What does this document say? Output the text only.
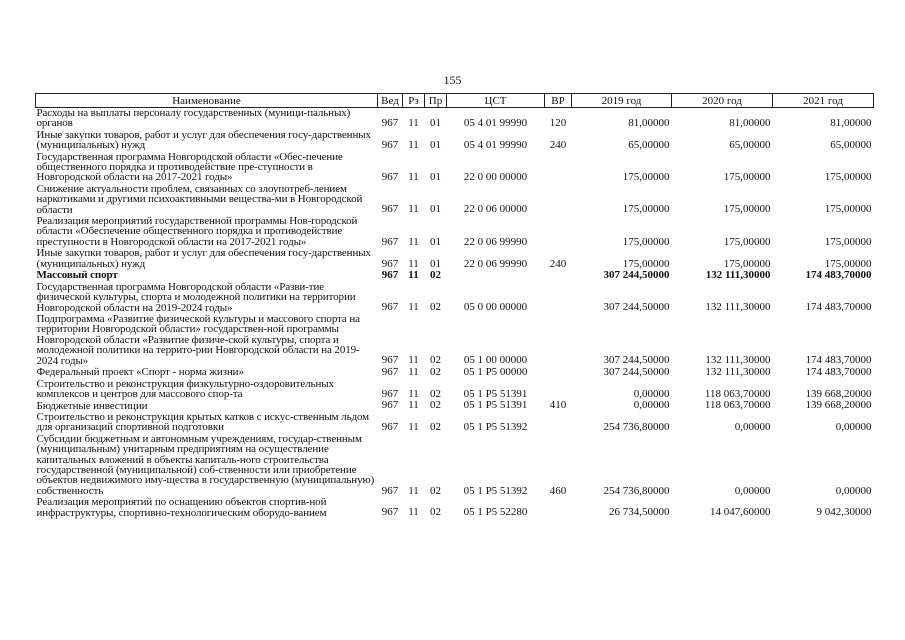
155
Наименование	Вед	Рз	Пр	ЦСТ	ВР	2019 год	2020 год	2021 год
Расходы на выплаты персоналу государственных (муници-пальных) органов	967	11	01	05 4 01 99990	120	81,00000	81,00000	81,00000
Иные закупки товаров, работ и услуг для обеспечения госу-дарственных (муниципальных) нужд	967	11	01	05 4 01 99990	240	65,00000	65,00000	65,00000
Государственная программа Новгородской области «Обес-печение общественного порядка и противодействие пре-ступности в Новгородской области на 2017-2021 годы»	967	11	01	22 0 00 00000		175,00000	175,00000	175,00000
Снижение актуальности проблем, связанных со злоупотреб-лением наркотиками и другими психоактивными вещества-ми в Новгородской области	967	11	01	22 0 06 00000		175,00000	175,00000	175,00000
Реализация мероприятий государственной программы Нов-городской области «Обеспечение общественного порядка и противодействие преступности в Новгородской области на 2017-2021 годы»	967	11	01	22 0 06 99990		175,00000	175,00000	175,00000
Иные закупки товаров, работ и услуг для обеспечения госу-дарственных (муниципальных) нужд	967	11	01	22 0 06 99990	240	175,00000	175,00000	175,00000
Массовый спорт	967	11	02			307 244,50000	132 111,30000	174 483,70000
Государственная программа Новгородской области «Разви-тие физической культуры, спорта и молодежной политики на территории Новгородской области на 2019-2024 годы»	967	11	02	05 0 00 00000		307 244,50000	132 111,30000	174 483,70000
Подпрограмма «Развитие физической культуры и массового спорта на территории Новгородской области» государствен-ной программы Новгородской области «Развитие физиче-ской культуры, спорта и молодежной политики на террито-рии Новгородской области на 2019-2024 годы»	967	11	02	05 1 00 00000		307 244,50000	132 111,30000	174 483,70000
Федеральный проект «Спорт - норма жизни»	967	11	02	05 1 P5 00000		307 244,50000	132 111,30000	174 483,70000
Строительство и реконструкция физкультурно-оздоровительных комплексов и центров для массового спор-та	967	11	02	05 1 P5 51391		0,00000	118 063,70000	139 668,20000
Бюджетные инвестиции	967	11	02	05 1 P5 51391	410	0,00000	118 063,70000	139 668,20000
Строительство и реконструкция крытых катков с искус-ственным льдом для организаций спортивной подготовки	967	11	02	05 1 P5 51392		254 736,80000	0,00000	0,00000
Субсидии бюджетным и автономным учреждениям, государ-ственным (муниципальным) унитарным предприятиям на осуществление капитальных вложений в объекты капиталь-ного строительства государственной (муниципальной) соб-ственности или приобретение объектов недвижимого иму-щества в государственную (муниципальную) собственность	967	11	02	05 1 P5 51392	460	254 736,80000	0,00000	0,00000
Реализация мероприятий по оснащению объектов спортив-ной инфраструктуры, спортивно-технологическим оборудо-ванием	967	11	02	05 1 P5 52280		26 734,50000	14 047,60000	9 042,30000
